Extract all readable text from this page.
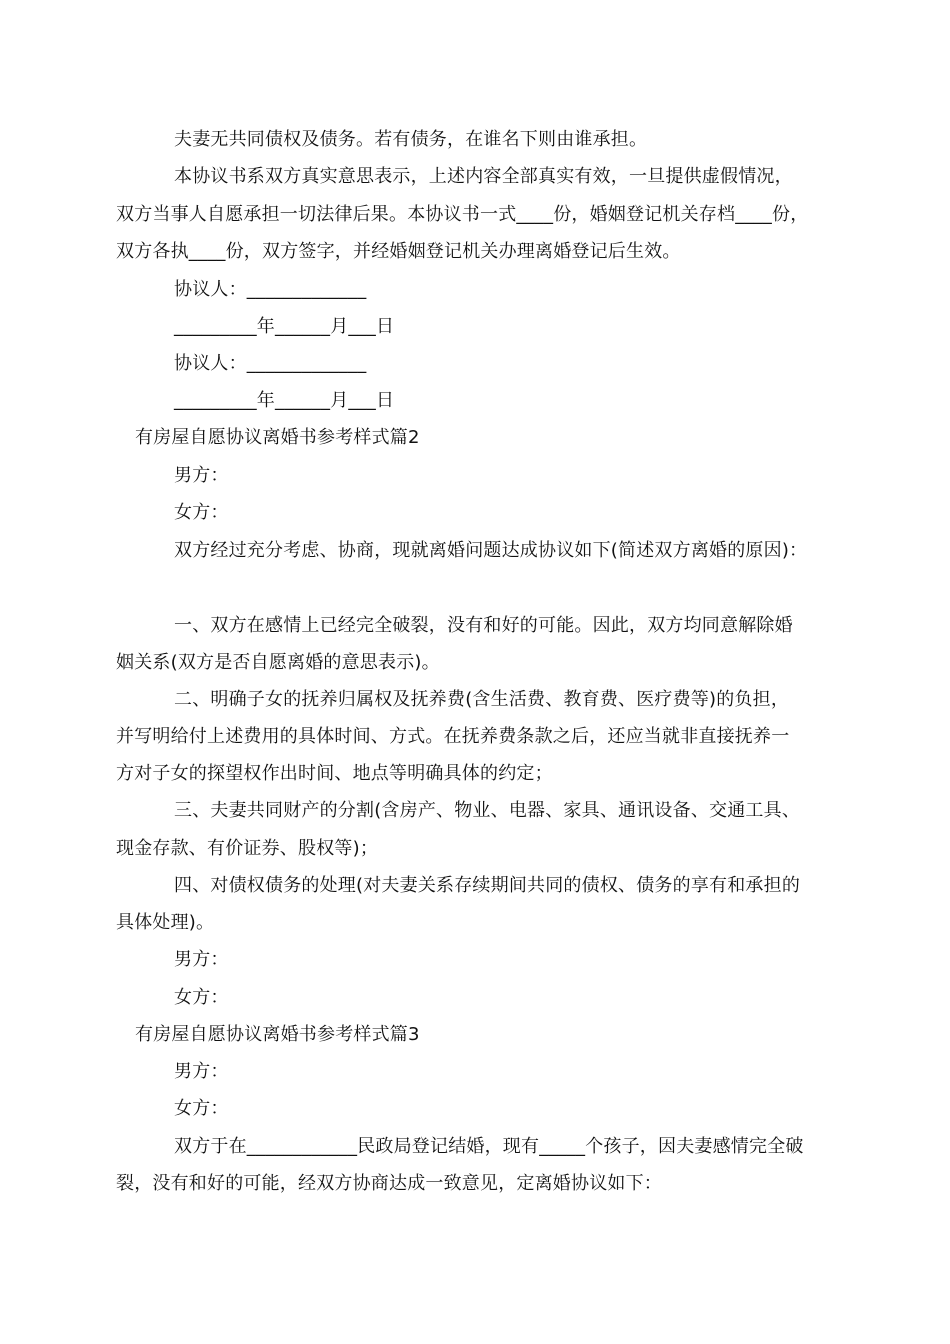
夫妻无共同债权及债务。若有债务，在谁名下则由谁承担。
本协议书系双方真实意思表示，上述内容全部真实有效，一旦提供虚假情况，
双方当事人自愿承担一切法律后果。本协议书一式____份，婚姻登记机关存档____份，
双方各执____份，双方签字，并经婚姻登记机关办理离婚登记后生效。
协议人：_____________
_________年______月___日
协议人：_____________
_________年______月___日
有房屋自愿协议离婚书参考样式篇2
男方：
女方：
双方经过充分考虑、协商，现就离婚问题达成协议如下(简述双方离婚的原因)：
一、双方在感情上已经完全破裂，没有和好的可能。因此，双方均同意解除婚
姻关系(双方是否自愿离婚的意思表示)。
二、明确子女的抚养归属权及抚养费(含生活费、教育费、医疗费等)的负担，
并写明给付上述费用的具体时间、方式。在抚养费条款之后，还应当就非直接抚养一
方对子女的探望权作出时间、地点等明确具体的约定；
三、夫妻共同财产的分割(含房产、物业、电器、家具、通讯设备、交通工具、
现金存款、有价证券、股权等)；
四、对债权债务的处理(对夫妻关系存续期间共同的债权、债务的享有和承担的
具体处理)。
男方：
女方：
有房屋自愿协议离婚书参考样式篇3
男方：
女方：
双方于在____________民政局登记结婚，现有_____个孩子，因夫妻感情完全破
裂，没有和好的可能，经双方协商达成一致意见，定离婚协议如下：
